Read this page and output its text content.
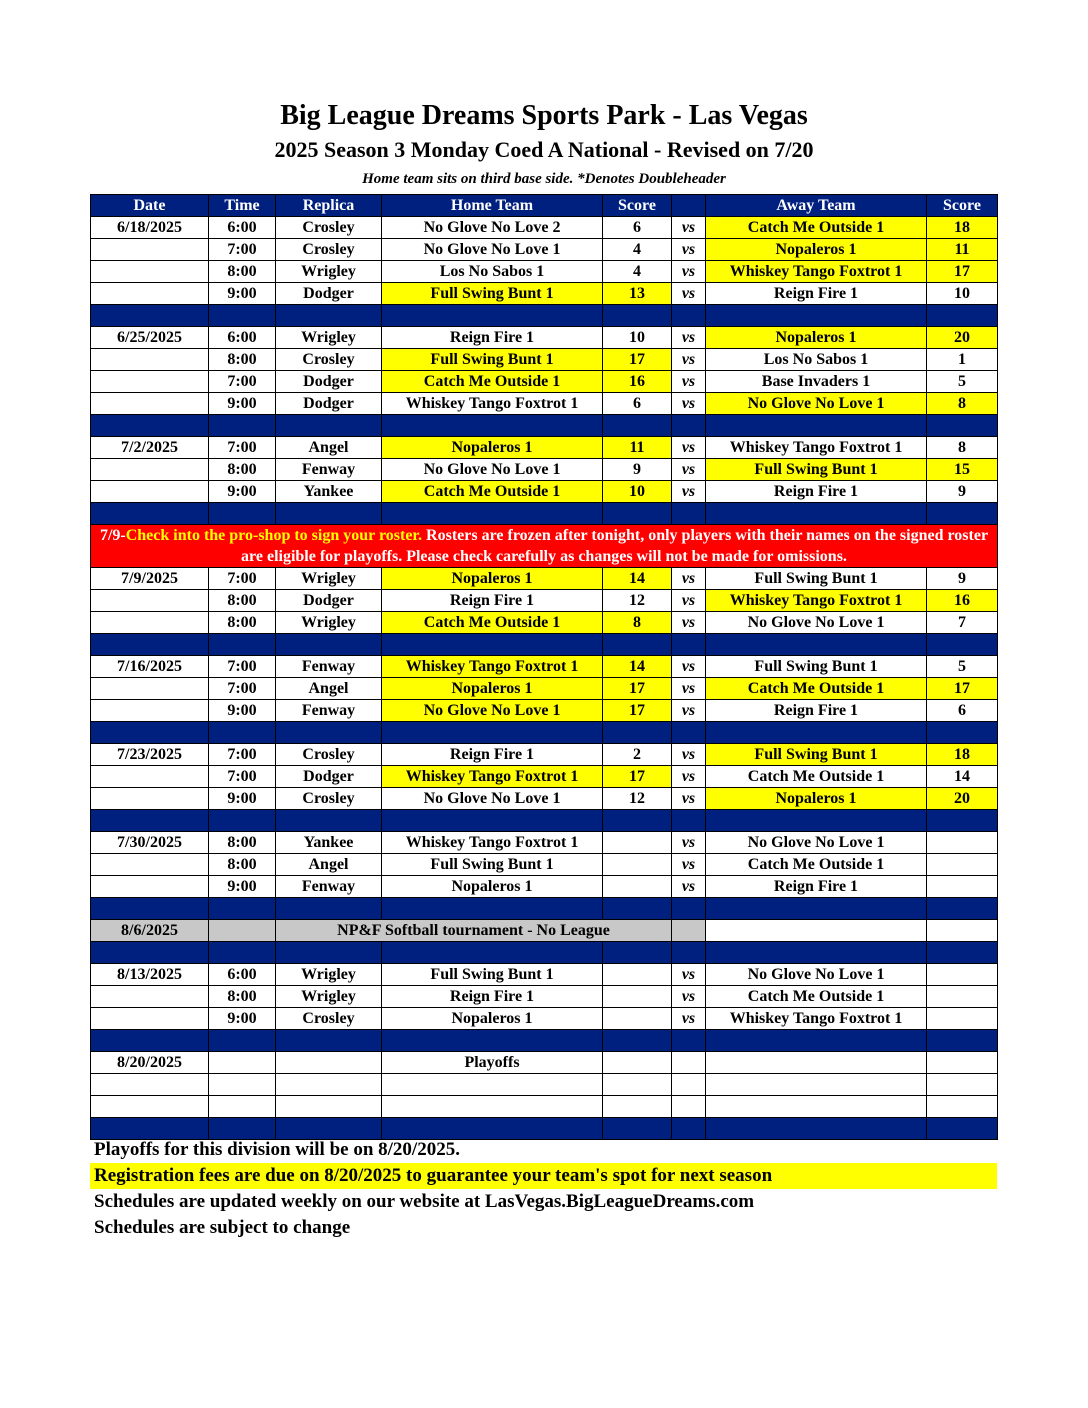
Big League Dreams Sports Park - Las Vegas
2025 Season 3 Monday Coed A National - Revised on 7/20
Home team sits on third base side. *Denotes Doubleheader
Date	Time	Replica	Home Team	Score		Away Team	Score
6/18/2025	6:00	Crosley	No Glove No Love 2	6	vs	Catch Me Outside 1	18
	7:00	Crosley	No Glove No Love 1	4	vs	Nopaleros 1	11
	8:00	Wrigley	Los No Sabos 1	4	vs	Whiskey Tango Foxtrot 1	17
	9:00	Dodger	Full Swing Bunt 1	13	vs	Reign Fire 1	10

6/25/2025	6:00	Wrigley	Reign Fire 1	10	vs	Nopaleros 1	20
	8:00	Crosley	Full Swing Bunt 1	17	vs	Los No Sabos 1	1
	7:00	Dodger	Catch Me Outside 1	16	vs	Base Invaders 1	5
	9:00	Dodger	Whiskey Tango Foxtrot 1	6	vs	No Glove No Love 1	8

7/2/2025	7:00	Angel	Nopaleros 1	11	vs	Whiskey Tango Foxtrot 1	8
	8:00	Fenway	No Glove No Love 1	9	vs	Full Swing Bunt 1	15
	9:00	Yankee	Catch Me Outside 1	10	vs	Reign Fire 1	9

7/9-Check into the pro-shop to sign your roster. Rosters are frozen after tonight, only players with their names on the signed roster are eligible for playoffs. Please check carefully as changes will not be made for omissions.							
7/9/2025	7:00	Wrigley	Nopaleros 1	14	vs	Full Swing Bunt 1	9
	8:00	Dodger	Reign Fire 1	12	vs	Whiskey Tango Foxtrot 1	16
	8:00	Wrigley	Catch Me Outside 1	8	vs	No Glove No Love 1	7

7/16/2025	7:00	Fenway	Whiskey Tango Foxtrot 1	14	vs	Full Swing Bunt 1	5
	7:00	Angel	Nopaleros 1	17	vs	Catch Me Outside 1	17
	9:00	Fenway	No Glove No Love 1	17	vs	Reign Fire 1	6

7/23/2025	7:00	Crosley	Reign Fire 1	2	vs	Full Swing Bunt 1	18
	7:00	Dodger	Whiskey Tango Foxtrot 1	17	vs	Catch Me Outside 1	14
	9:00	Crosley	No Glove No Love 1	12	vs	Nopaleros 1	20

7/30/2025	8:00	Yankee	Whiskey Tango Foxtrot 1		vs	No Glove No Love 1	
	8:00	Angel	Full Swing Bunt 1		vs	Catch Me Outside 1	
	9:00	Fenway	Nopaleros 1		vs	Reign Fire 1	

8/6/2025		NP&F Softball tournament - No League					

8/13/2025	6:00	Wrigley	Full Swing Bunt 1		vs	No Glove No Love 1	
	8:00	Wrigley	Reign Fire 1		vs	Catch Me Outside 1	
	9:00	Crosley	Nopaleros 1		vs	Whiskey Tango Foxtrot 1	

8/20/2025			Playoffs				

Playoffs for this division will be on 8/20/2025.
Registration fees are due on 8/20/2025 to guarantee your team's spot for next season
Schedules are updated weekly on our website at LasVegas.BigLeagueDreams.com
Schedules are subject to change
